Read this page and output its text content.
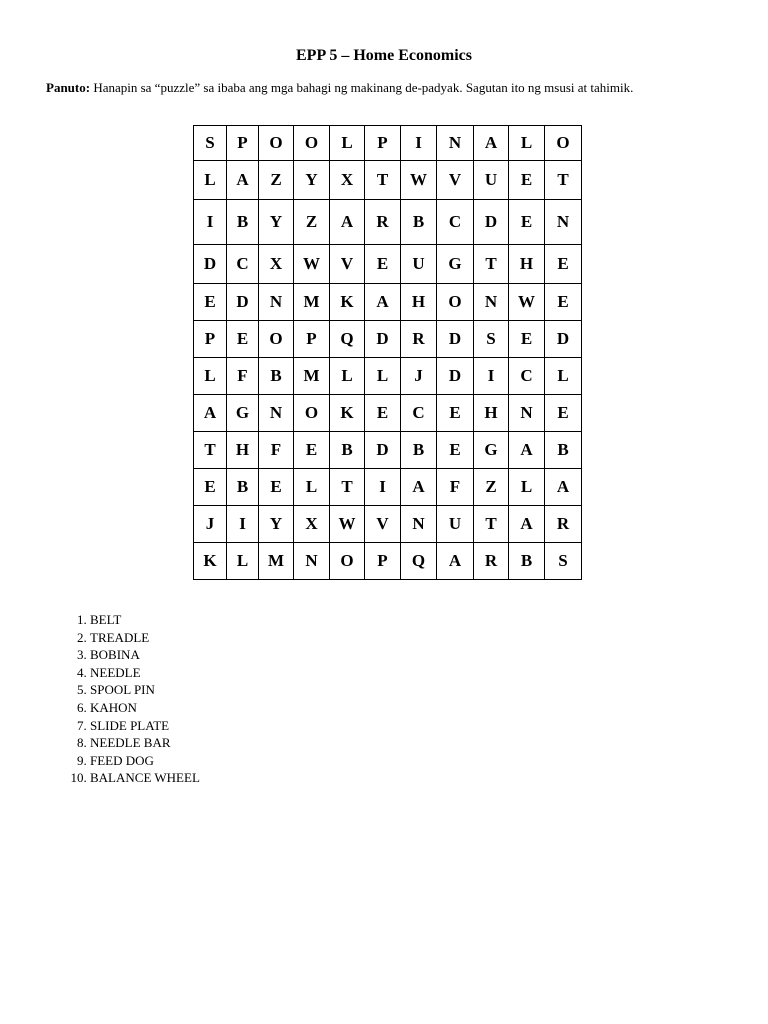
EPP 5 – Home Economics
Panuto: Hanapin sa “puzzle” sa ibaba ang mga bahagi ng makinang de-padyak. Sagutan ito ng msusi at tahimik.
S	P	O	O	L	P	I	N	A	L	O
L	A	Z	Y	X	T	W	V	U	E	T
I	B	Y	Z	A	R	B	C	D	E	N
D	C	X	W	V	E	U	G	T	H	E
E	D	N	M	K	A	H	O	N	W	E
P	E	O	P	Q	D	R	D	S	E	D
L	F	B	M	L	L	J	D	I	C	L
A	G	N	O	K	E	C	E	H	N	E
T	H	F	E	B	D	B	E	G	A	B
E	B	E	L	T	I	A	F	Z	L	A
J	I	Y	X	W	V	N	U	T	A	R
K	L	M	N	O	P	Q	A	R	B	S
1. BELT
2. TREADLE
3. BOBINA
4. NEEDLE
5. SPOOL PIN
6. KAHON
7. SLIDE PLATE
8. NEEDLE BAR
9. FEED DOG
10. BALANCE WHEEL
